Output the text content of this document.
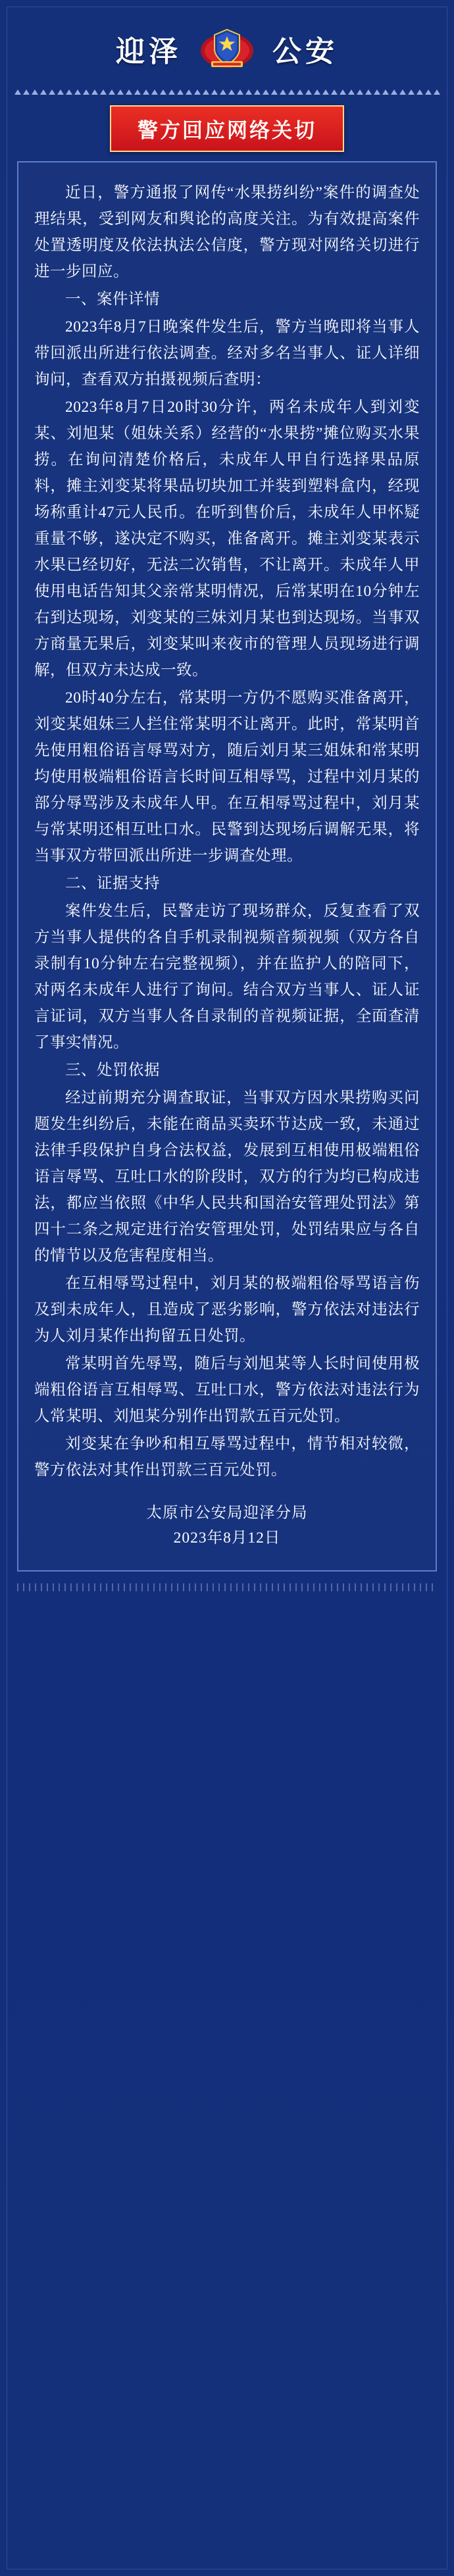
迎泽	公安
警方回应网络关切

近日，警方通报了网传“水果捞纠纷”案件的调查处理结果，受到网友和舆论的高度关注。为有效提高案件处置透明度及依法执法公信度，警方现对网络关切进行进一步回应。

一、案件详情

2023年8月7日晚案件发生后，警方当晚即将当事人带回派出所进行依法调查。经对多名当事人、证人详细询问，查看双方拍摄视频后查明：

2023年8月7日20时30分许，两名未成年人到刘变某、刘旭某（姐妹关系）经营的“水果捞”摊位购买水果捞。在询问清楚价格后，未成年人甲自行选择果品原料，摊主刘变某将果品切块加工并装到塑料盒内，经现场称重计47元人民币。在听到售价后，未成年人甲怀疑重量不够，遂决定不购买，准备离开。摊主刘变某表示水果已经切好，无法二次销售，不让离开。未成年人甲使用电话告知其父亲常某明情况，后常某明在10分钟左右到达现场，刘变某的三妹刘月某也到达现场。当事双方商量无果后，刘变某叫来夜市的管理人员现场进行调解，但双方未达成一致。

20时40分左右，常某明一方仍不愿购买准备离开，刘变某姐妹三人拦住常某明不让离开。此时，常某明首先使用粗俗语言辱骂对方，随后刘月某三姐妹和常某明均使用极端粗俗语言长时间互相辱骂，过程中刘月某的部分辱骂涉及未成年人甲。在互相辱骂过程中，刘月某与常某明还相互吐口水。民警到达现场后调解无果，将当事双方带回派出所进一步调查处理。

二、证据支持

案件发生后，民警走访了现场群众，反复查看了双方当事人提供的各自手机录制视频音频视频（双方各自录制有10分钟左右完整视频），并在监护人的陪同下，对两名未成年人进行了询问。结合双方当事人、证人证言证词，双方当事人各自录制的音视频证据，全面查清了事实情况。

三、处罚依据

经过前期充分调查取证，当事双方因水果捞购买问题发生纠纷后，未能在商品买卖环节达成一致，未通过法律手段保护自身合法权益，发展到互相使用极端粗俗语言辱骂、互吐口水的阶段时，双方的行为均已构成违法，都应当依照《中华人民共和国治安管理处罚法》第四十二条之规定进行治安管理处罚，处罚结果应与各自的情节以及危害程度相当。

在互相辱骂过程中，刘月某的极端粗俗辱骂语言伤及到未成年人，且造成了恶劣影响，警方依法对违法行为人刘月某作出拘留五日处罚。

常某明首先辱骂，随后与刘旭某等人长时间使用极端粗俗语言互相辱骂、互吐口水，警方依法对违法行为人常某明、刘旭某分别作出罚款五百元处罚。

刘变某在争吵和相互辱骂过程中，情节相对较微，警方依法对其作出罚款三百元处罚。

太原市公安局迎泽分局
2023年8月12日
